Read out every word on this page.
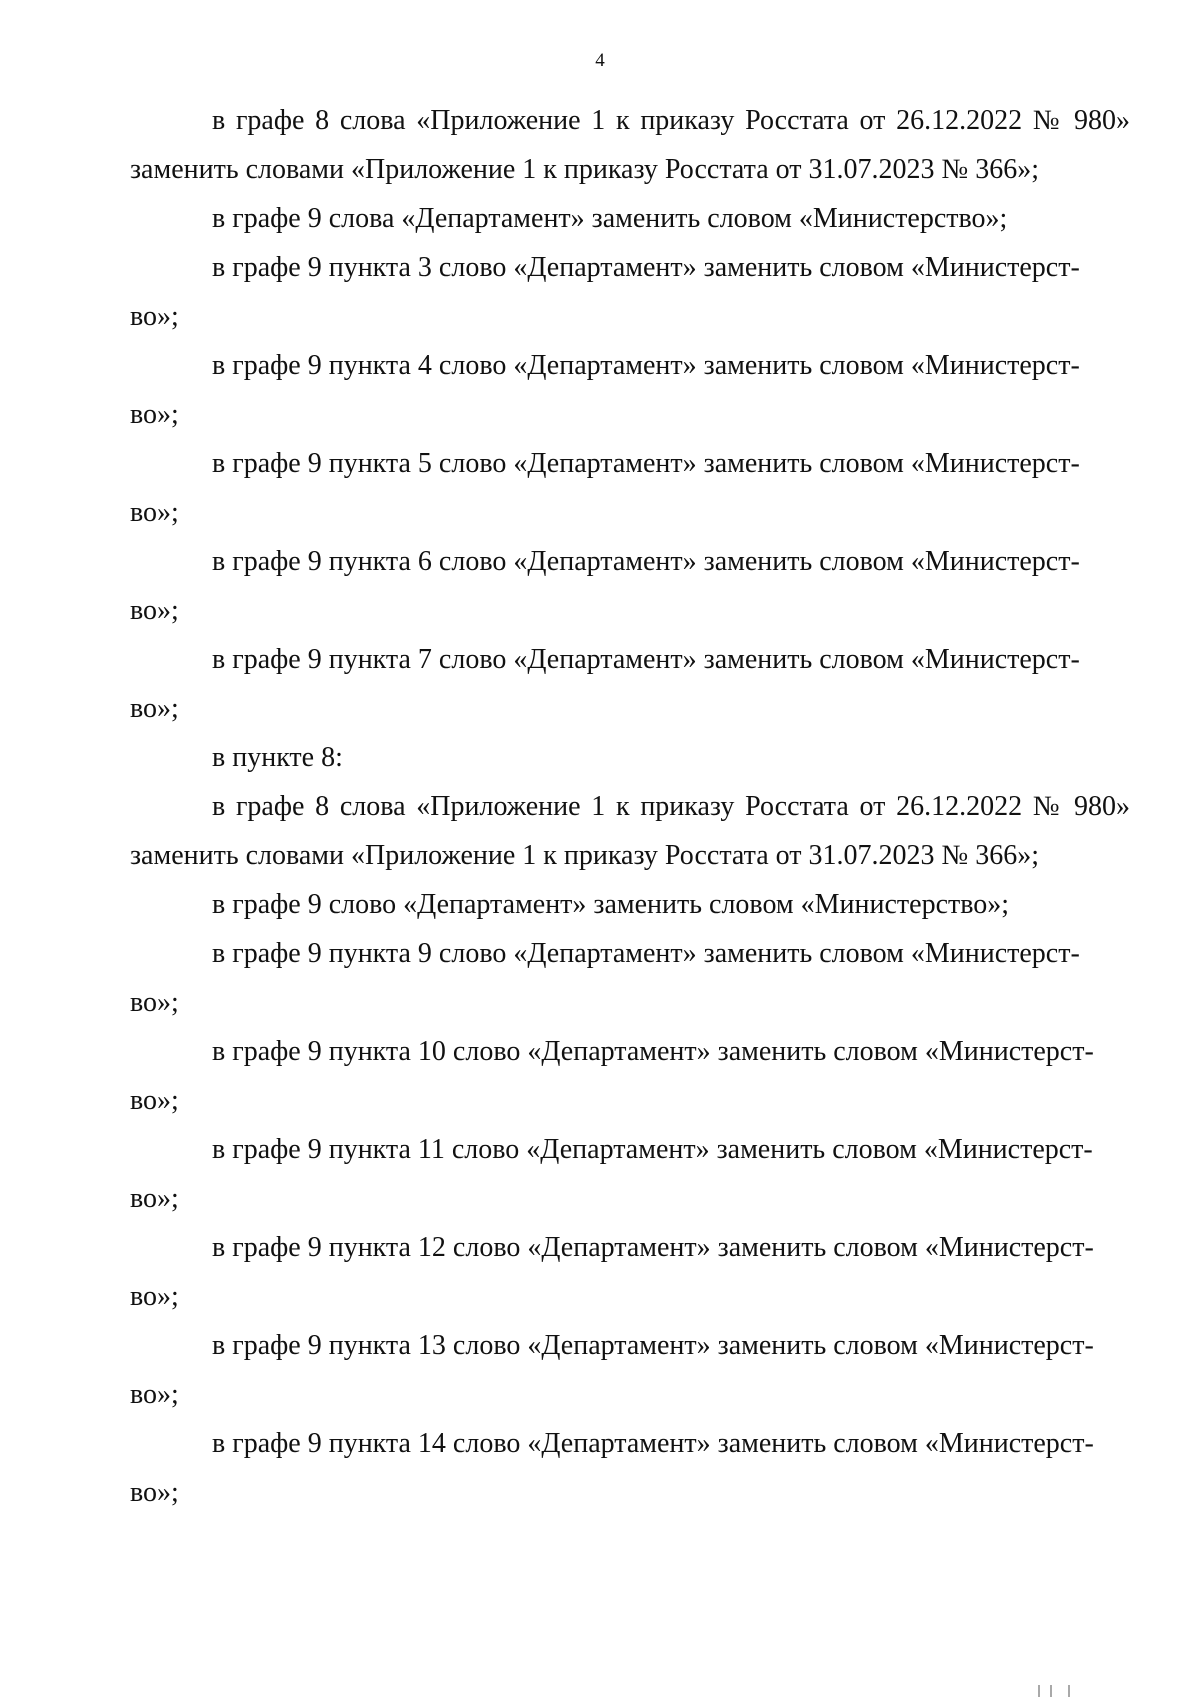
4

в графе 8 слова «Приложение 1 к приказу Росстата от 26.12.2022 № 980» заменить словами «Приложение 1 к приказу Росстата от 31.07.2023 № 366»;

в графе 9 слова «Департамент» заменить словом «Министерство»;

в графе 9 пункта 3 слово «Департамент» заменить словом «Министерст-
во»;

в графе 9 пункта 4 слово «Департамент» заменить словом «Министерст-
во»;

в графе 9 пункта 5 слово «Департамент» заменить словом «Министерст-
во»;

в графе 9 пункта 6 слово «Департамент» заменить словом «Министерст-
во»;

в графе 9 пункта 7 слово «Департамент» заменить словом «Министерст-
во»;

в пункте 8:

в графе 8 слова «Приложение 1 к приказу Росстата от 26.12.2022 № 980» заменить словами «Приложение 1 к приказу Росстата от 31.07.2023 № 366»;

в графе 9 слово «Департамент» заменить словом «Министерство»;

в графе 9 пункта 9 слово «Департамент» заменить словом «Министерст-
во»;

в графе 9 пункта 10 слово «Департамент» заменить словом «Министерст-
во»;

в графе 9 пункта 11 слово «Департамент» заменить словом «Министерст-
во»;

в графе 9 пункта 12 слово «Департамент» заменить словом «Министерст-
во»;

в графе 9 пункта 13 слово «Департамент» заменить словом «Министерст-
во»;

в графе 9 пункта 14 слово «Департамент» заменить словом «Министерст-
во»;
